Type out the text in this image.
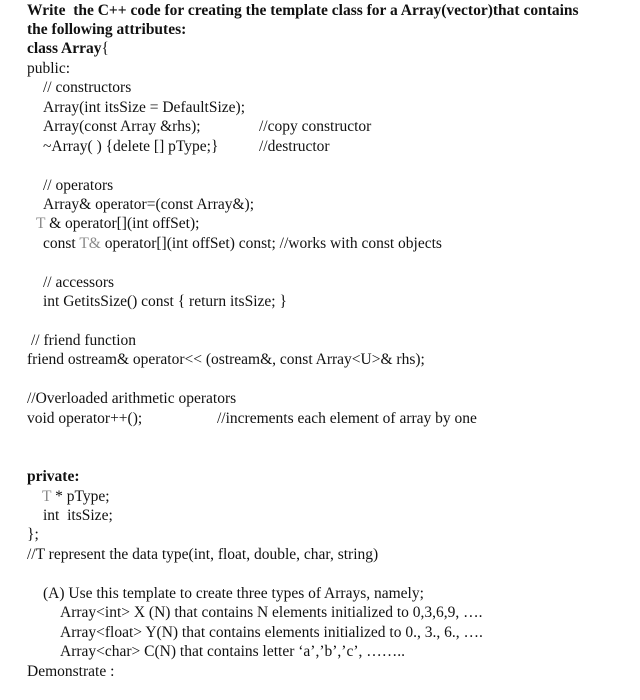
Write  the C++ code for creating the template class for a Array(vector)that contains
the following attributes:
class Array{
public:
// constructors
Array(int itsSize = DefaultSize);
Array(const Array &rhs);	//copy constructor
~Array( ) {delete [] pType;}	//destructor
// operators
Array& operator=(const Array&);
T & operator[](int offSet);
const T& operator[](int offSet) const; //works with const objects
// accessors
int GetitsSize() const { return itsSize; }
// friend function
friend ostream& operator<< (ostream&, const Array<U>& rhs);
//Overloaded arithmetic operators
void operator++();	//increments each element of array by one
private:
T * pType;
int  itsSize;
};
//T represent the data type(int, float, double, char, string)
(A) Use this template to create three types of Arrays, namely;
Array<int> X (N) that contains N elements initialized to 0,3,6,9, ….
Array<float> Y(N) that contains elements initialized to 0., 3., 6., ….
Array<char> C(N) that contains letter ‘a’,’b’,’c’, ……..
Demonstrate :
